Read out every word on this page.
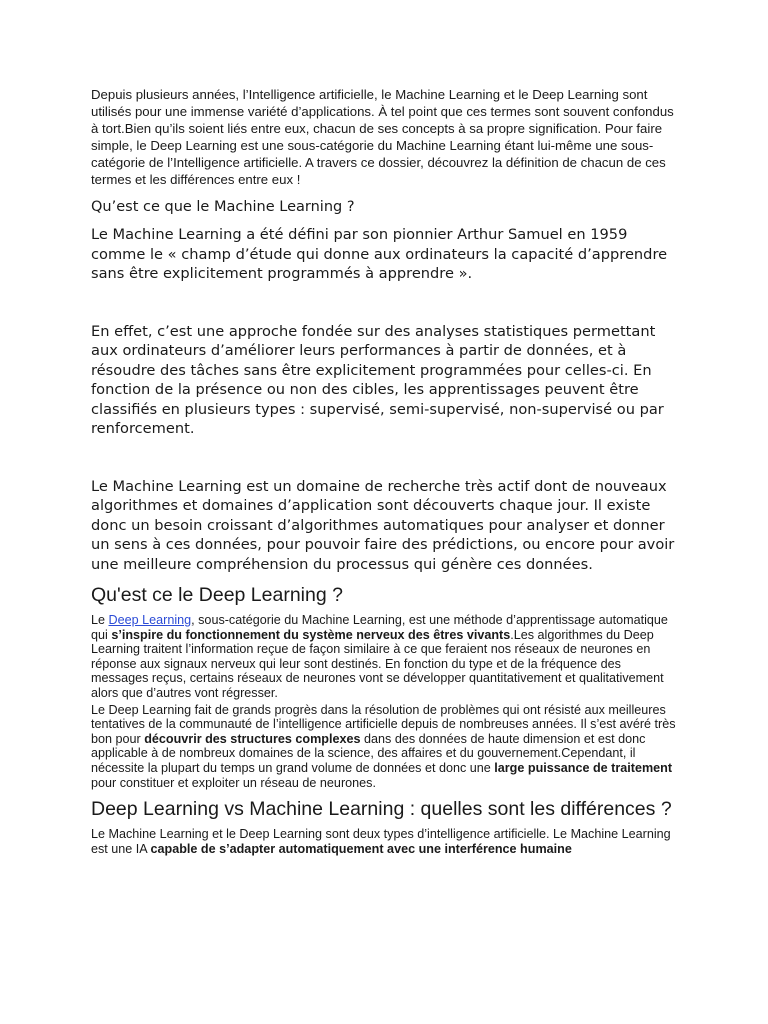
Depuis plusieurs années, l’Intelligence artificielle, le Machine Learning et le Deep Learning sont utilisés pour une immense variété d’applications. À tel point que ces termes sont souvent confondus à tort.Bien qu’ils soient liés entre eux, chacun de ses concepts à sa propre signification. Pour faire simple, le Deep Learning est une sous-catégorie du Machine Learning étant lui-même une sous-catégorie de l’Intelligence artificielle. A travers ce dossier, découvrez la définition de chacun de ces termes et les différences entre eux !

Qu’est ce que le Machine Learning ?

Le Machine Learning a été défini par son pionnier Arthur Samuel en 1959 comme le « champ d’étude qui donne aux ordinateurs la capacité d’apprendre sans être explicitement programmés à apprendre ».

En effet, c’est une approche fondée sur des analyses statistiques permettant aux ordinateurs d’améliorer leurs performances à partir de données, et à résoudre des tâches sans être explicitement programmées pour celles-ci. En fonction de la présence ou non des cibles, les apprentissages peuvent être classifiés en plusieurs types : supervisé, semi-supervisé, non-supervisé ou par renforcement.

Le Machine Learning est un domaine de recherche très actif dont de nouveaux algorithmes et domaines d’application sont découverts chaque jour. Il existe donc un besoin croissant d’algorithmes automatiques pour analyser et donner un sens à ces données, pour pouvoir faire des prédictions, ou encore pour avoir une meilleure compréhension du processus qui génère ces données.

Qu'est ce le Deep Learning ?

Le Deep Learning, sous-catégorie du Machine Learning, est une méthode d’apprentissage automatique qui s’inspire du fonctionnement du système nerveux des êtres vivants.Les algorithmes du Deep Learning traitent l’information reçue de façon similaire à ce que feraient nos réseaux de neurones en réponse aux signaux nerveux qui leur sont destinés. En fonction du type et de la fréquence des messages reçus, certains réseaux de neurones vont se développer quantitativement et qualitativement alors que d’autres vont régresser.

Le Deep Learning fait de grands progrès dans la résolution de problèmes qui ont résisté aux meilleures tentatives de la communauté de l’intelligence artificielle depuis de nombreuses années. Il s’est avéré très bon pour découvrir des structures complexes dans des données de haute dimension et est donc applicable à de nombreux domaines de la science, des affaires et du gouvernement.Cependant, il nécessite la plupart du temps un grand volume de données et donc une large puissance de traitement pour constituer et exploiter un réseau de neurones.

Deep Learning vs Machine Learning : quelles sont les différences ?

Le Machine Learning et le Deep Learning sont deux types d’intelligence artificielle. Le Machine Learning est une IA capable de s’adapter automatiquement avec une interférence humaine
